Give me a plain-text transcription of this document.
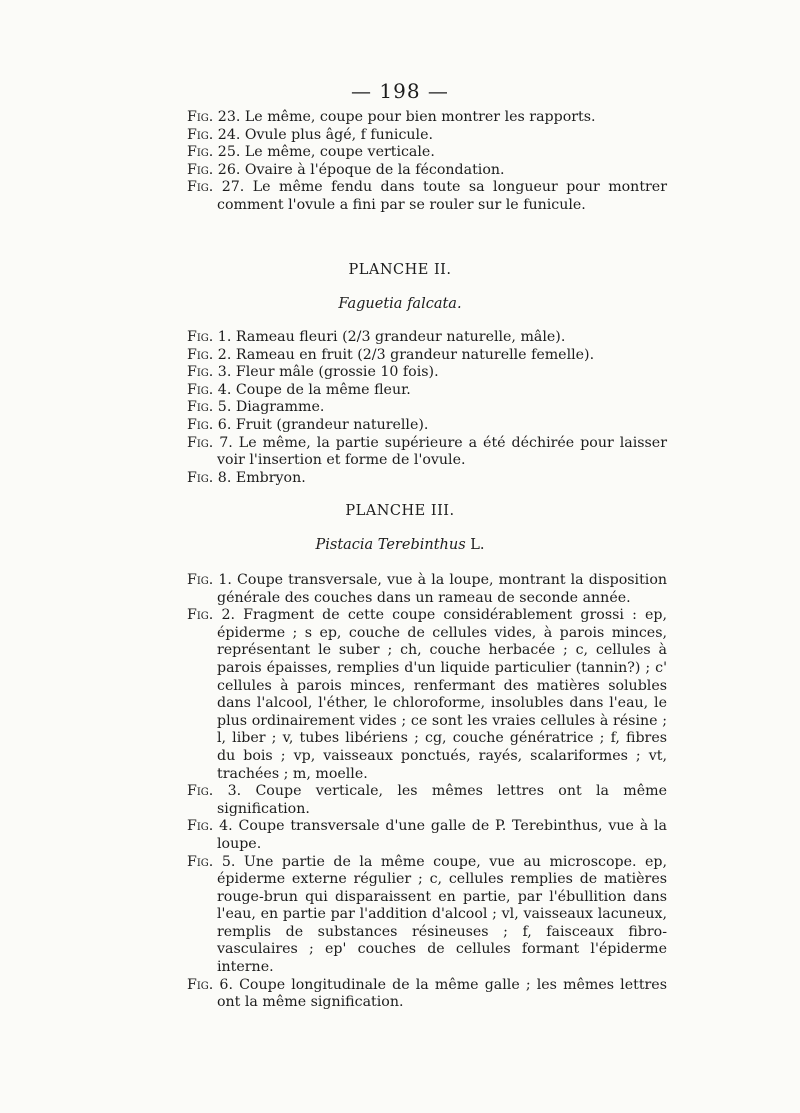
— 198 —

Fig. 23. Le même, coupe pour bien montrer les rapports.

Fig. 24. Ovule plus âgé, f funicule.

Fig. 25. Le même, coupe verticale.

Fig. 26. Ovaire à l'époque de la fécondation.

Fig. 27. Le même fendu dans toute sa longueur pour montrer comment l'ovule a fini par se rouler sur le funicule.

PLANCHE II.
Faguetia falcata.

Fig. 1. Rameau fleuri (2/3 grandeur naturelle, mâle).

Fig. 2. Rameau en fruit (2/3 grandeur naturelle femelle).

Fig. 3. Fleur mâle (grossie 10 fois).

Fig. 4. Coupe de la même fleur.

Fig. 5. Diagramme.

Fig. 6. Fruit (grandeur naturelle).

Fig. 7. Le même, la partie supérieure a été déchirée pour laisser voir l'insertion et forme de l'ovule.

Fig. 8. Embryon.

PLANCHE III.
Pistacia Terebinthus L.

Fig. 1. Coupe transversale, vue à la loupe, montrant la disposition générale des couches dans un rameau de seconde année.

Fig. 2. Fragment de cette coupe considérablement grossi : ep, épiderme ; s ep, couche de cellules vides, à parois minces, représentant le suber ; ch, couche herbacée ; c, cellules à parois épaisses, remplies d'un liquide particulier (tannin?) ; c' cellules à parois minces, renfermant des matières solubles dans l'alcool, l'éther, le chloroforme, insolubles dans l'eau, le plus ordinairement vides ; ce sont les vraies cellules à résine ; l, liber ; v, tubes libériens ; cg, couche génératrice ; f, fibres du bois ; vp, vaisseaux ponctués, rayés, scalariformes ; vt, trachées ; m, moelle.

Fig. 3. Coupe verticale, les mêmes lettres ont la même signification.

Fig. 4. Coupe transversale d'une galle de P. Terebinthus, vue à la loupe.

Fig. 5. Une partie de la même coupe, vue au microscope. ep, épiderme externe régulier ; c, cellules remplies de matières rouge-brun qui disparaissent en partie, par l'ébullition dans l'eau, en partie par l'addition d'alcool ; vl, vaisseaux lacuneux, remplis de substances résineuses ; f, faisceaux fibro-vasculaires ; ep' couches de cellules formant l'épiderme interne.

Fig. 6. Coupe longitudinale de la même galle ; les mêmes lettres ont la même signification.
